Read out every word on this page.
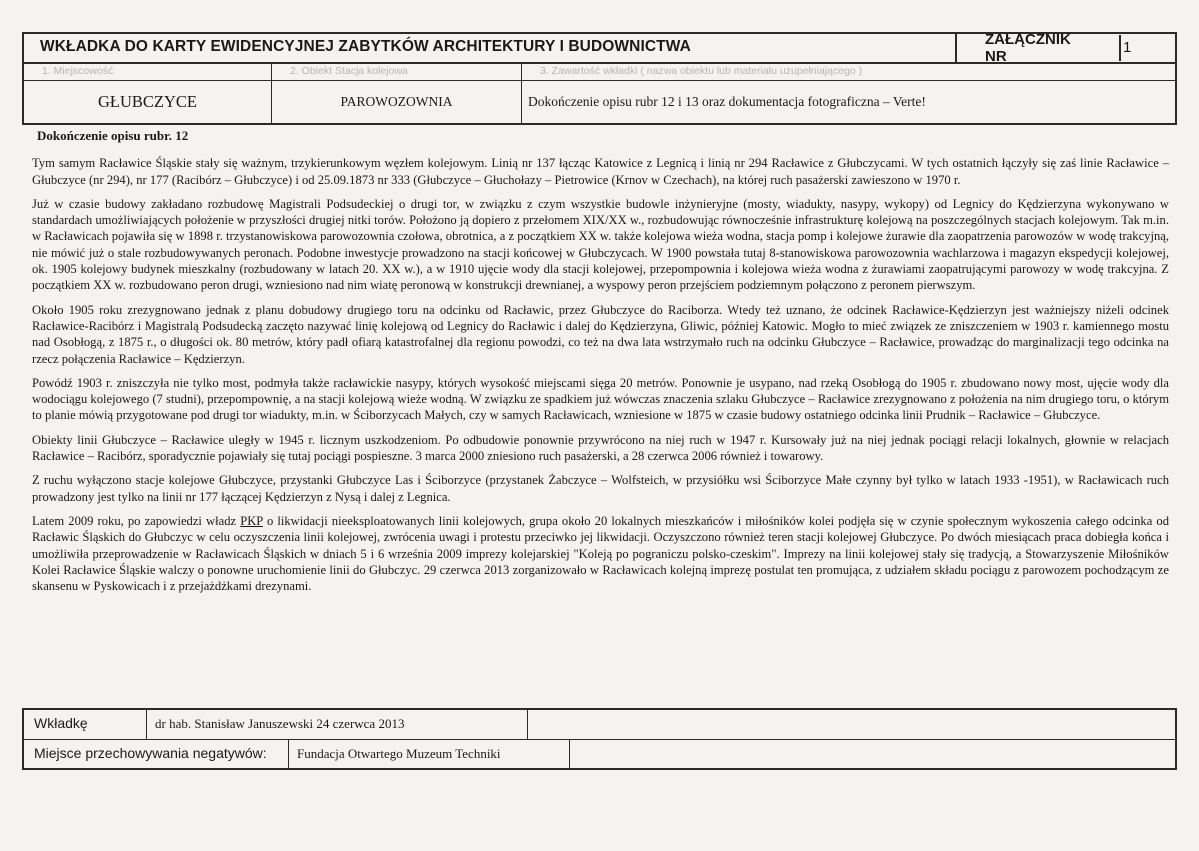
WKŁADKA DO KARTY EWIDENCYJNEJ ZABYTKÓW ARCHITEKTURY I BUDOWNICTWA	ZAŁĄCZNIK NR
1
1. Miejscowość	2. Obiekt Stacja kolejowa	3. Zawartość wkładki ( nazwa obiektu lub materiału uzupełniającego )
GŁUBCZYCE	PAROWOZOWNIA	Dokończenie opisu rubr 12 i 13 oraz dokumentacja fotograficzna – Verte!
Dokończenie opisu rubr. 12

Tym samym Racławice Śląskie stały się ważnym, trzykierunkowym węzłem kolejowym. Linią nr 137 łącząc Katowice z Legnicą i linią nr 294 Racławice z Głubczycami. W tych ostatnich łączyły się zaś linie Racławice – Głubczyce (nr 294), nr 177 (Racibórz – Głubczyce) i od 25.09.1873 nr 333 (Głubczyce – Głuchołazy – Pietrowice (Krnov w Czechach), na której ruch pasażerski zawieszono w 1970 r.

Już w czasie budowy zakładano rozbudowę Magistrali Podsudeckiej o drugi tor, w związku z czym wszystkie budowle inżynieryjne (mosty, wiadukty, nasypy, wykopy) od Legnicy do Kędzierzyna wykonywano w standardach umożliwiających położenie w przyszłości drugiej nitki torów. Położono ją dopiero z przełomem XIX/XX w., rozbudowując równocześnie infrastrukturę kolejową na poszczególnych stacjach kolejowym. Tak m.in. w Racławicach pojawiła się w 1898 r. trzystanowiskowa parowozownia czołowa, obrotnica, a z początkiem XX w. także kolejowa wieża wodna, stacja pomp i kolejowe żurawie dla zaopatrzenia parowozów w wodę trakcyjną, nie mówić już o stale rozbudowywanych peronach. Podobne inwestycje prowadzono na stacji końcowej w Głubczycach. W 1900 powstała tutaj 8-stanowiskowa parowozownia wachlarzowa i magazyn ekspedycji kolejowej, ok. 1905 kolejowy budynek mieszkalny (rozbudowany w latach 20. XX w.), a w 1910 ujęcie wody dla stacji kolejowej, przepompownia i kolejowa wieża wodna z żurawiami zaopatrującymi parowozy w wodę trakcyjna. Z początkiem XX w. rozbudowano peron drugi, wzniesiono nad nim wiatę peronową w konstrukcji drewnianej, a wyspowy peron przejściem podziemnym połączono z peronem pierwszym.

Około 1905 roku zrezygnowano jednak z planu dobudowy drugiego toru na odcinku od Racławic, przez Głubczyce do Raciborza. Wtedy też uznano, że odcinek Racławice-Kędzierzyn jest ważniejszy niżeli odcinek Racławice-Racibórz i Magistralą Podsudecką zaczęto nazywać linię kolejową od Legnicy do Racławic i dalej do Kędzierzyna, Gliwic, później Katowic. Mogło to mieć związek ze zniszczeniem w 1903 r. kamiennego mostu nad Osobłogą, z 1875 r., o długości ok. 80 metrów, który padł ofiarą katastrofalnej dla regionu powodzi, co też na dwa lata wstrzymało ruch na odcinku Głubczyce – Racławice, prowadząc do marginalizacji tego odcinka na rzecz połączenia Racławice – Kędzierzyn.

Powódź 1903 r. zniszczyła nie tylko most, podmyła także racławickie nasypy, których wysokość miejscami sięga 20 metrów. Ponownie je usypano, nad rzeką Osobłogą do 1905 r. zbudowano nowy most, ujęcie wody dla wodociągu kolejowego (7 studni), przepompownię, a na stacji kolejową wieże wodną. W związku ze spadkiem już wówczas znaczenia szlaku Głubczyce – Racławice zrezygnowano z położenia na nim drugiego toru, o którym to planie mówią przygotowane pod drugi tor wiadukty, m.in. w Ściborzycach Małych, czy w samych Racławicach, wzniesione w 1875 w czasie budowy ostatniego odcinka linii Prudnik – Racławice – Głubczyce.

Obiekty linii Głubczyce – Racławice uległy w 1945 r. licznym uszkodzeniom. Po odbudowie ponownie przywrócono na niej ruch w 1947 r. Kursowały już na niej jednak pociągi relacji lokalnych, głownie w relacjach Racławice – Racibórz, sporadycznie pojawiały się tutaj pociągi pospieszne. 3 marca 2000 zniesiono ruch pasażerski, a 28 czerwca 2006 również i towarowy.

Z ruchu wyłączono stacje kolejowe Głubczyce, przystanki Głubczyce Las i Ściborzyce (przystanek Żabczyce – Wolfsteich, w przysiółku wsi Ściborzyce Małe czynny był tylko w latach 1933 -1951), w Racławicach ruch prowadzony jest tylko na linii nr 177 łączącej Kędzierzyn z Nysą i dalej z Legnica.

Latem 2009 roku, po zapowiedzi władz PKP o likwidacji nieeksploatowanych linii kolejowych, grupa około 20 lokalnych mieszkańców i miłośników kolei podjęła się w czynie społecznym wykoszenia całego odcinka od Racławic Śląskich do Głubczyc w celu oczyszczenia linii kolejowej, zwrócenia uwagi i protestu przeciwko jej likwidacji. Oczyszczono również teren stacji kolejowej Głubczyce. Po dwóch miesiącach praca dobiegła końca i umożliwiła przeprowadzenie w Racławicach Śląskich w dniach 5 i 6 września 2009 imprezy kolejarskiej "Koleją po pograniczu polsko-czeskim". Imprezy na linii kolejowej stały się tradycją, a Stowarzyszenie Miłośników Kolei Racławice Śląskie walczy o ponowne uruchomienie linii do Głubczyc. 29 czerwca 2013 zorganizowało w Racławicach kolejną imprezę postulat ten promująca, z udziałem składu pociągu z parowozem pochodzącym ze skansenu w Pyskowicach i z przejażdżkami drezynami.

Wkładkę	dr hab. Stanisław Januszewski 24 czerwca 2013
Miejsce przechowywania negatywów:	Fundacja Otwartego Muzeum Techniki
